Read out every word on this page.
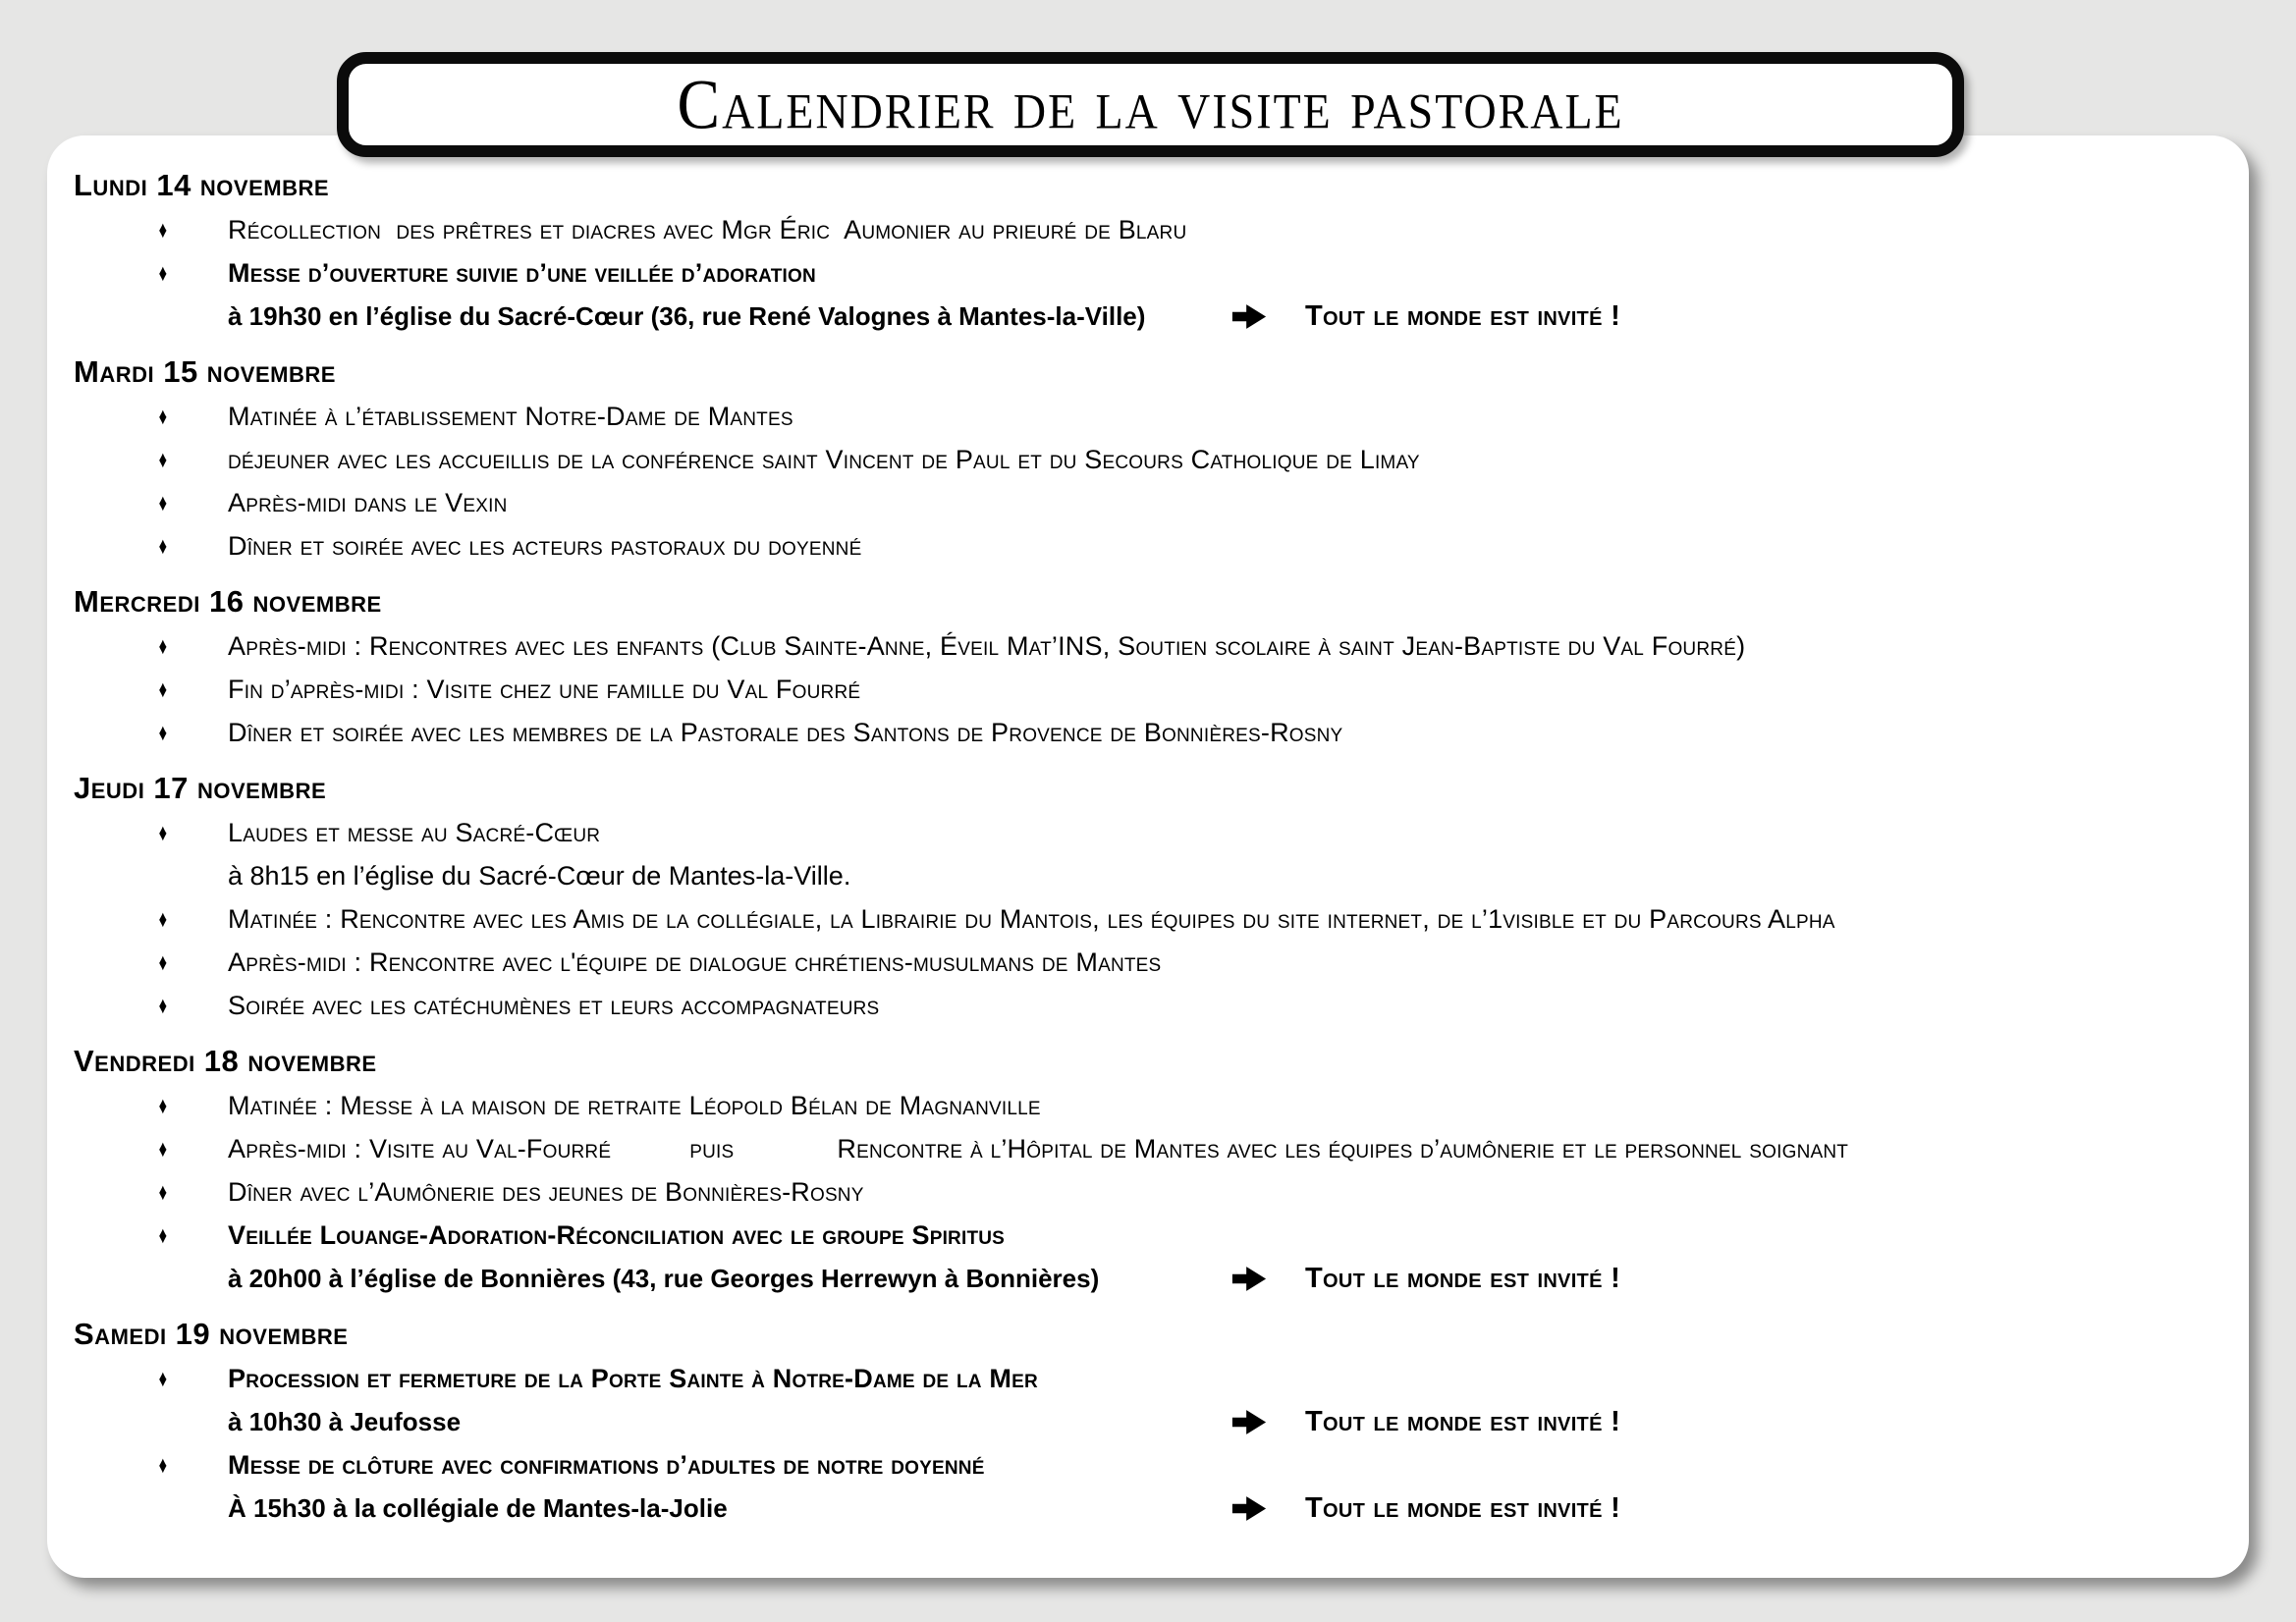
Calendrier de la visite pastorale
Lundi 14 novembre
♦ Récollection  des prêtres et diacres avec Mgr Éric  Aumonier au prieuré de Blaru
♦ Messe d’ouverture suivie d’une veillée d’adoration
à 19h30 en l’église du Sacré-Cœur (36, rue René Valognes à Mantes-la-Ville)	Tout le monde est invité !
Mardi 15 novembre
♦ Matinée à l’établissement Notre-Dame de Mantes
♦ déjeuner avec les accueillis de la conférence saint Vincent de Paul et du Secours Catholique de Limay
♦ Après-midi dans le Vexin
♦ Dîner et soirée avec les acteurs pastoraux du doyenné
Mercredi 16 novembre
♦ Après-midi : Rencontres avec les enfants (Club Sainte-Anne, Éveil Mat’INS, Soutien scolaire à saint Jean-Baptiste du Val Fourré)
♦ Fin d’après-midi : Visite chez une famille du Val Fourré
♦ Dîner et soirée avec les membres de la Pastorale des Santons de Provence de Bonnières-Rosny
Jeudi 17 novembre
♦ Laudes et messe au Sacré-Cœur
à 8h15 en l’église du Sacré-Cœur de Mantes-la-Ville.
♦ Matinée : Rencontre avec les Amis de la collégiale, la Librairie du Mantois, les équipes du site internet, de l’1visible et du Parcours Alpha
♦ Après-midi : Rencontre avec l'équipe de dialogue chrétiens-musulmans de Mantes
♦ Soirée avec les catéchumènes et leurs accompagnateurs
Vendredi 18 novembre
♦ Matinée : Messe à la maison de retraite Léopold Bélan de Magnanville
♦ Après-midi : Visite au Val-Fourré	puis	Rencontre à l’Hôpital de Mantes avec les équipes d’aumônerie et le personnel soignant
♦ Dîner avec l’Aumônerie des jeunes de Bonnières-Rosny
♦ Veillée Louange-Adoration-Réconciliation avec le groupe Spiritus
à 20h00 à l’église de Bonnières (43, rue Georges Herrewyn à Bonnières)	Tout le monde est invité !
Samedi 19 novembre
♦ Procession et fermeture de la Porte Sainte à Notre-Dame de la Mer
à 10h30 à Jeufosse	Tout le monde est invité !
♦ Messe de clôture avec confirmations d’adultes de notre doyenné
À 15h30 à la collégiale de Mantes-la-Jolie	Tout le monde est invité !
